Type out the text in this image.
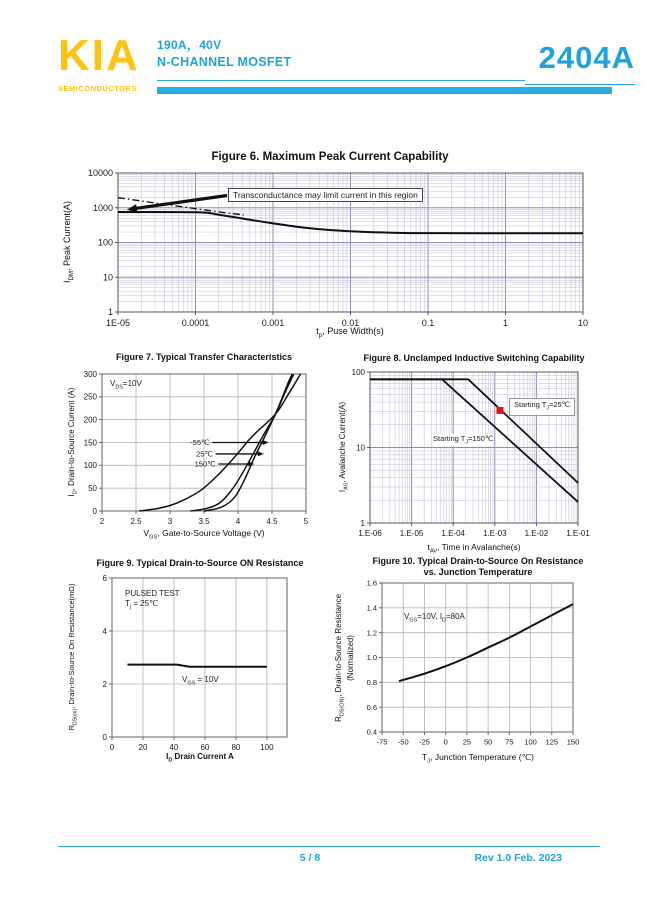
KIA
SEMICONDUCTORS
190A，40V
N-CHANNEL MOSFET	2404A
Figure 6. Maximum Peak Current Capability
1E-05	0.0001	0.001	0.01	0.1	1	10
1
10
100
1000
10000
Transconductance may limit current in this region
$t_p$, Puse Width(s)
$I_{DM}$, Peak Current(A)
Figure 7. Typical Transfer Characteristics
2	2.5	3	3.5	4	4.5	5
0
50
100
150
200
250
300
-55℃
25℃
150℃
$V_{DS}=10V$
$V_{GS}$, Gate-to-Source Voltage (V)
$I_D$, Drain-to-Source Current (A)
Figure 8. Unclamped Inductive Switching Capability
1.E-06 1.E-05 1.E-04 1.E-03 1.E-02 1.E-01
1
10
100
Starting $T_J=25℃$
Starting $T_J=150℃$
$t_{AV}$, Time in Avalanche(s)
$I_{AS}$, Avalanche Current(A)
Figure 9. Typical Drain-to-Source ON Resistance
0	20	40	60	80 100
0
2
4
6
PULSED TEST
$T_j$ = 25℃
$V_{GS} = 10V$
$I_D$ Drain Current A
$R_{DS(on)}$, Drain-to-Source On Resistance(mΩ)
Figure 10. Typical Drain-to-Source On Resistance
vs. Junction Temperature
-75 -50 -25 0 25 50 75 100 125 150
0.4
0.6
0.8
1.0
1.2
1.4
1.6
$V_{GS}=10V$, $I_D=80A$
$T_J$, Junction Temperature (℃)
$R_{DS(ON)}$, Drain-to-Source Resistance (Normalized)
5 / 8	Rev 1.0 Feb. 2023
